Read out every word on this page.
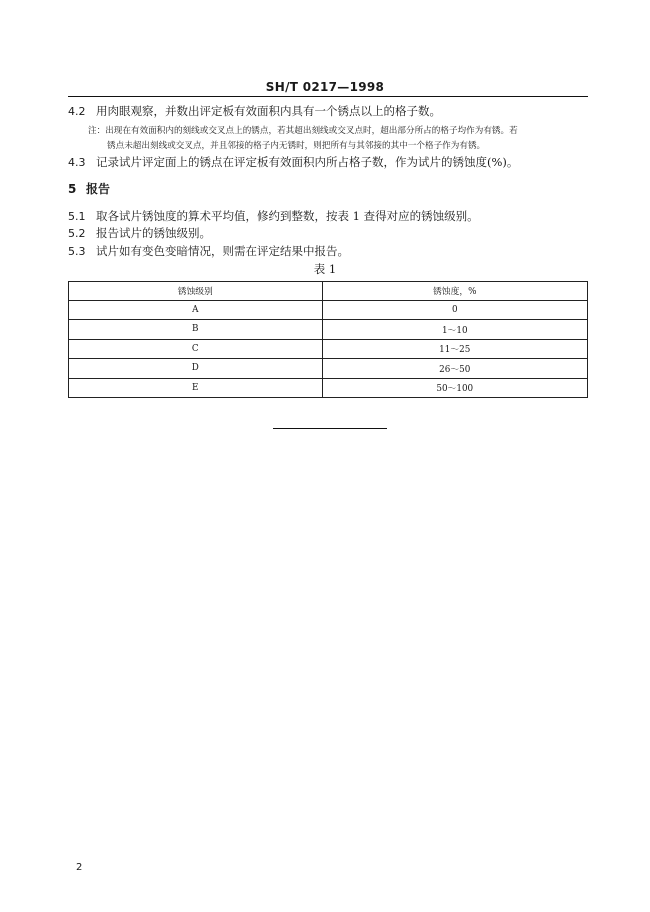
SH/T 0217—1998
4.2 用肉眼观察，并数出评定板有效面积内具有一个锈点以上的格子数。
注：出现在有效面积内的刻线或交叉点上的锈点，若其超出刻线或交叉点时，超出部分所占的格子均作为有锈。若
锈点未超出刻线或交叉点，并且邻接的格子内无锈时，则把所有与其邻接的其中一个格子作为有锈。
4.3 记录试片评定面上的锈点在评定板有效面积内所占格子数，作为试片的锈蚀度(%)。
5 报告
5.1 取各试片锈蚀度的算术平均值，修约到整数，按表 1 查得对应的锈蚀级别。
5.2 报告试片的锈蚀级别。
5.3 试片如有变色变暗情况，则需在评定结果中报告。
表 1
锈蚀级别	锈蚀度，%
A	0
B	1～10
C	11～25
D	26～50
E	50～100
2
